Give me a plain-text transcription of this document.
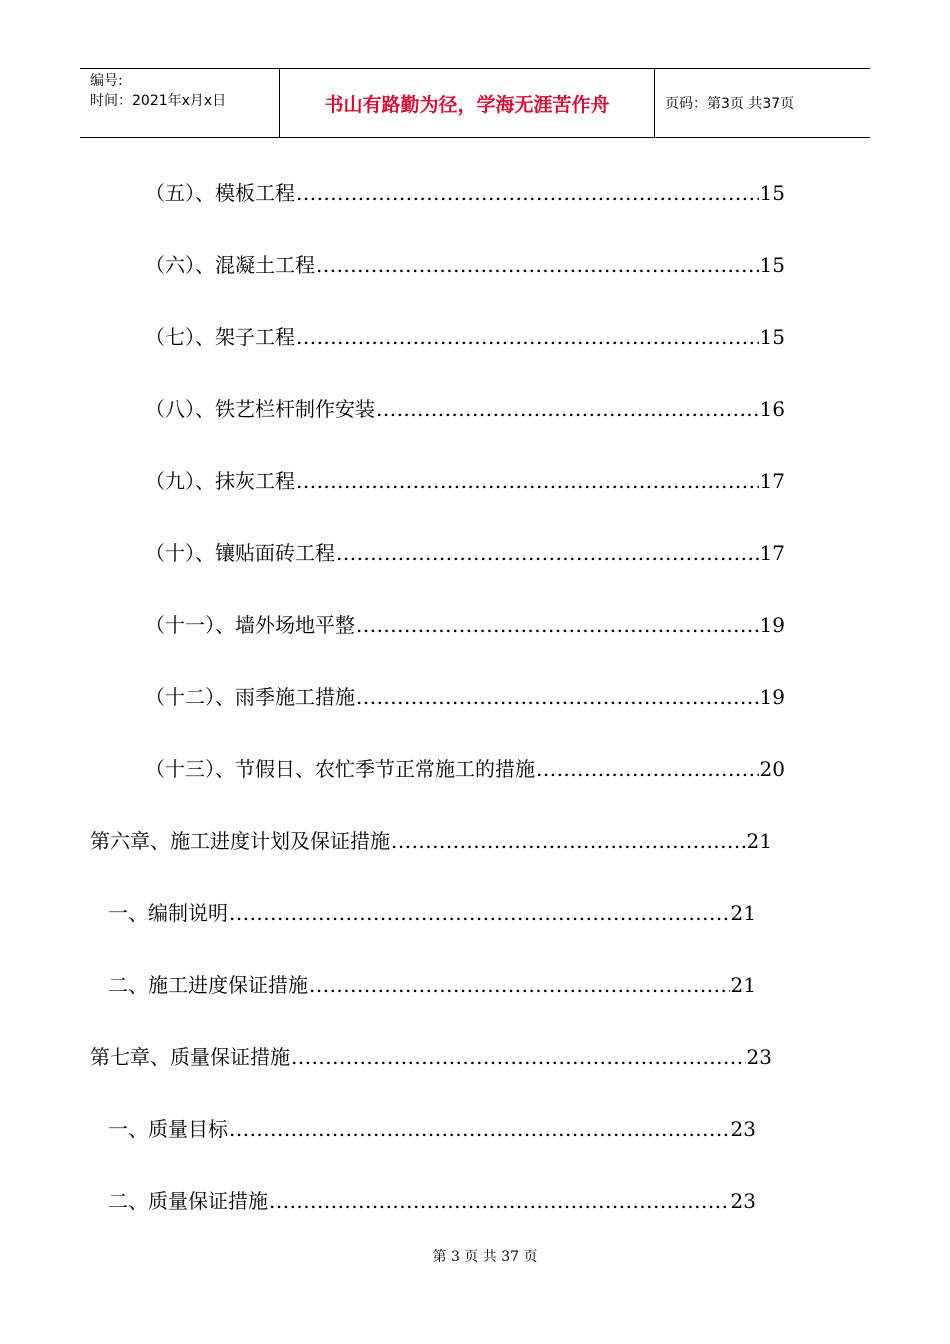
编号:
时间：2021年x月x日	书山有路勤为径，学海无涯苦作舟	页码：第3页 共37页
（五）、模板工程 .....	15
（六）、混凝土工程 .....	15
（七）、架子工程 .....	15
（八）、铁艺栏杆制作安装 .....	16
（九）、抹灰工程 .....	17
（十）、镶贴面砖工程 .....	17
（十一）、墙外场地平整 .....	19
（十二）、雨季施工措施 .....	19
（十三）、节假日、农忙季节正常施工的措施 .....	20
第六章、施工进度计划及保证措施 .....	21
一、编制说明 .....	21
二、施工进度保证措施 .....	21
第七章、质量保证措施 .....	23
一、质量目标 .....	23
二、质量保证措施 .....	23
第 3 页 共 37 页
